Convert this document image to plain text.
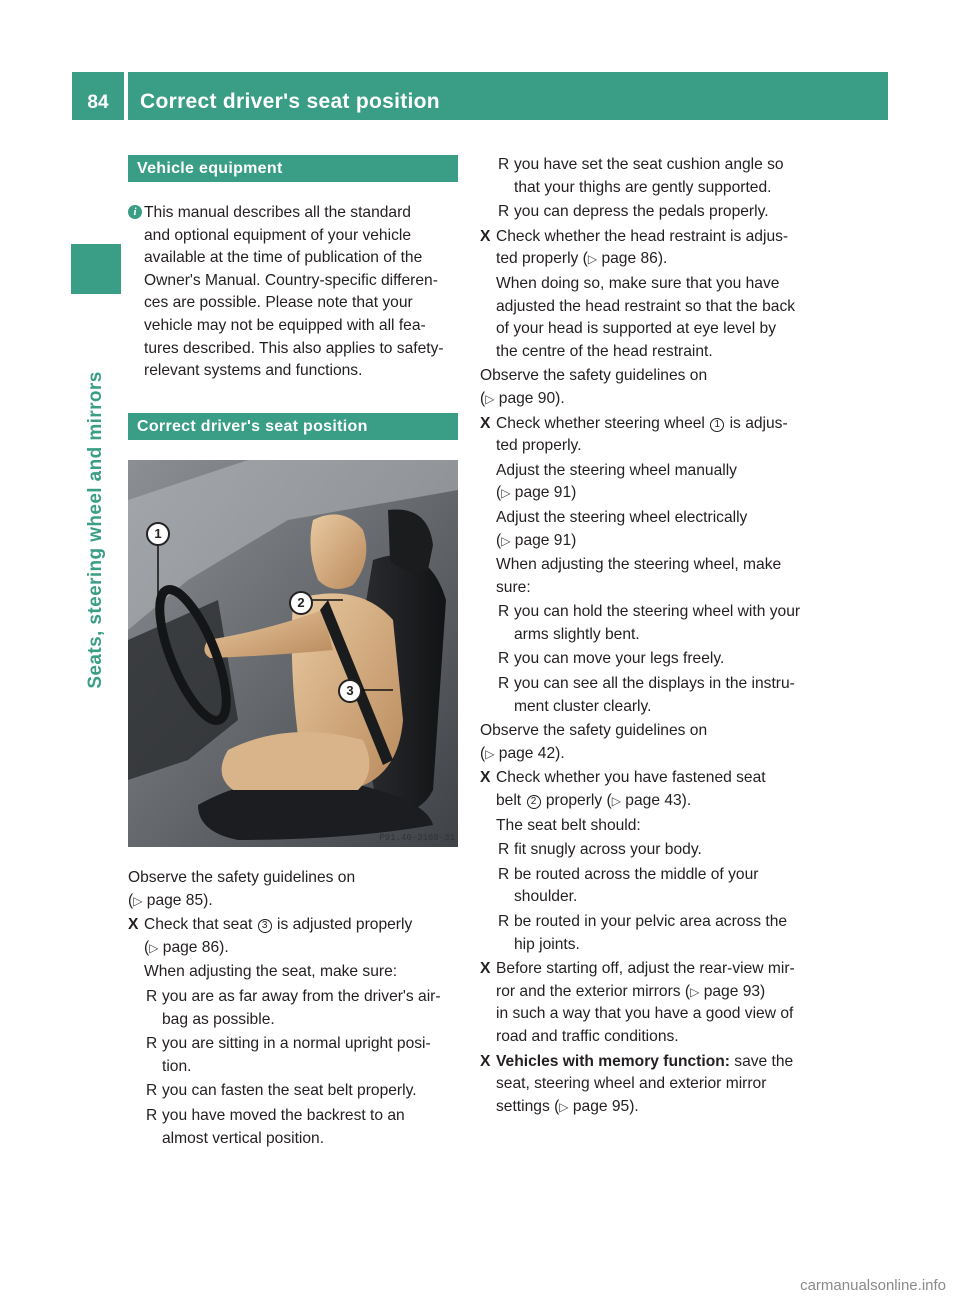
84	Correct driver's seat position
Seats, steering wheel and mirrors
Vehicle equipment
i This manual describes all the standard
and optional equipment of your vehicle
available at the time of publication of the
Owner's Manual. Country-specific differen-
ces are possible. Please note that your
vehicle may not be equipped with all fea-
tures described. This also applies to safety-
relevant systems and functions.
Correct driver's seat position
1
2
3
P91.40-3169-31
Observe the safety guidelines on
(▷ page 85).
X Check that seat 3 is adjusted properly
(▷ page 86).
When adjusting the seat, make sure:
R you are as far away from the driver's air-
bag as possible.
R you are sitting in a normal upright posi-
tion.
R you can fasten the seat belt properly.
R you have moved the backrest to an
almost vertical position.
R you have set the seat cushion angle so
that your thighs are gently supported.
R you can depress the pedals properly.
X Check whether the head restraint is adjus-
ted properly (▷ page 86).
When doing so, make sure that you have
adjusted the head restraint so that the back
of your head is supported at eye level by
the centre of the head restraint.
Observe the safety guidelines on
(▷ page 90).
X Check whether steering wheel 1 is adjus-
ted properly.
Adjust the steering wheel manually
(▷ page 91)
Adjust the steering wheel electrically
(▷ page 91)
When adjusting the steering wheel, make
sure:
R you can hold the steering wheel with your
arms slightly bent.
R you can move your legs freely.
R you can see all the displays in the instru-
ment cluster clearly.
Observe the safety guidelines on
(▷ page 42).
X Check whether you have fastened seat
belt 2 properly (▷ page 43).
The seat belt should:
R fit snugly across your body.
R be routed across the middle of your
shoulder.
R be routed in your pelvic area across the
hip joints.
X Before starting off, adjust the rear-view mir-
ror and the exterior mirrors (▷ page 93)
in such a way that you have a good view of
road and traffic conditions.
X Vehicles with memory function: save the
seat, steering wheel and exterior mirror
settings (▷ page 95).
carmanualsonline.info
